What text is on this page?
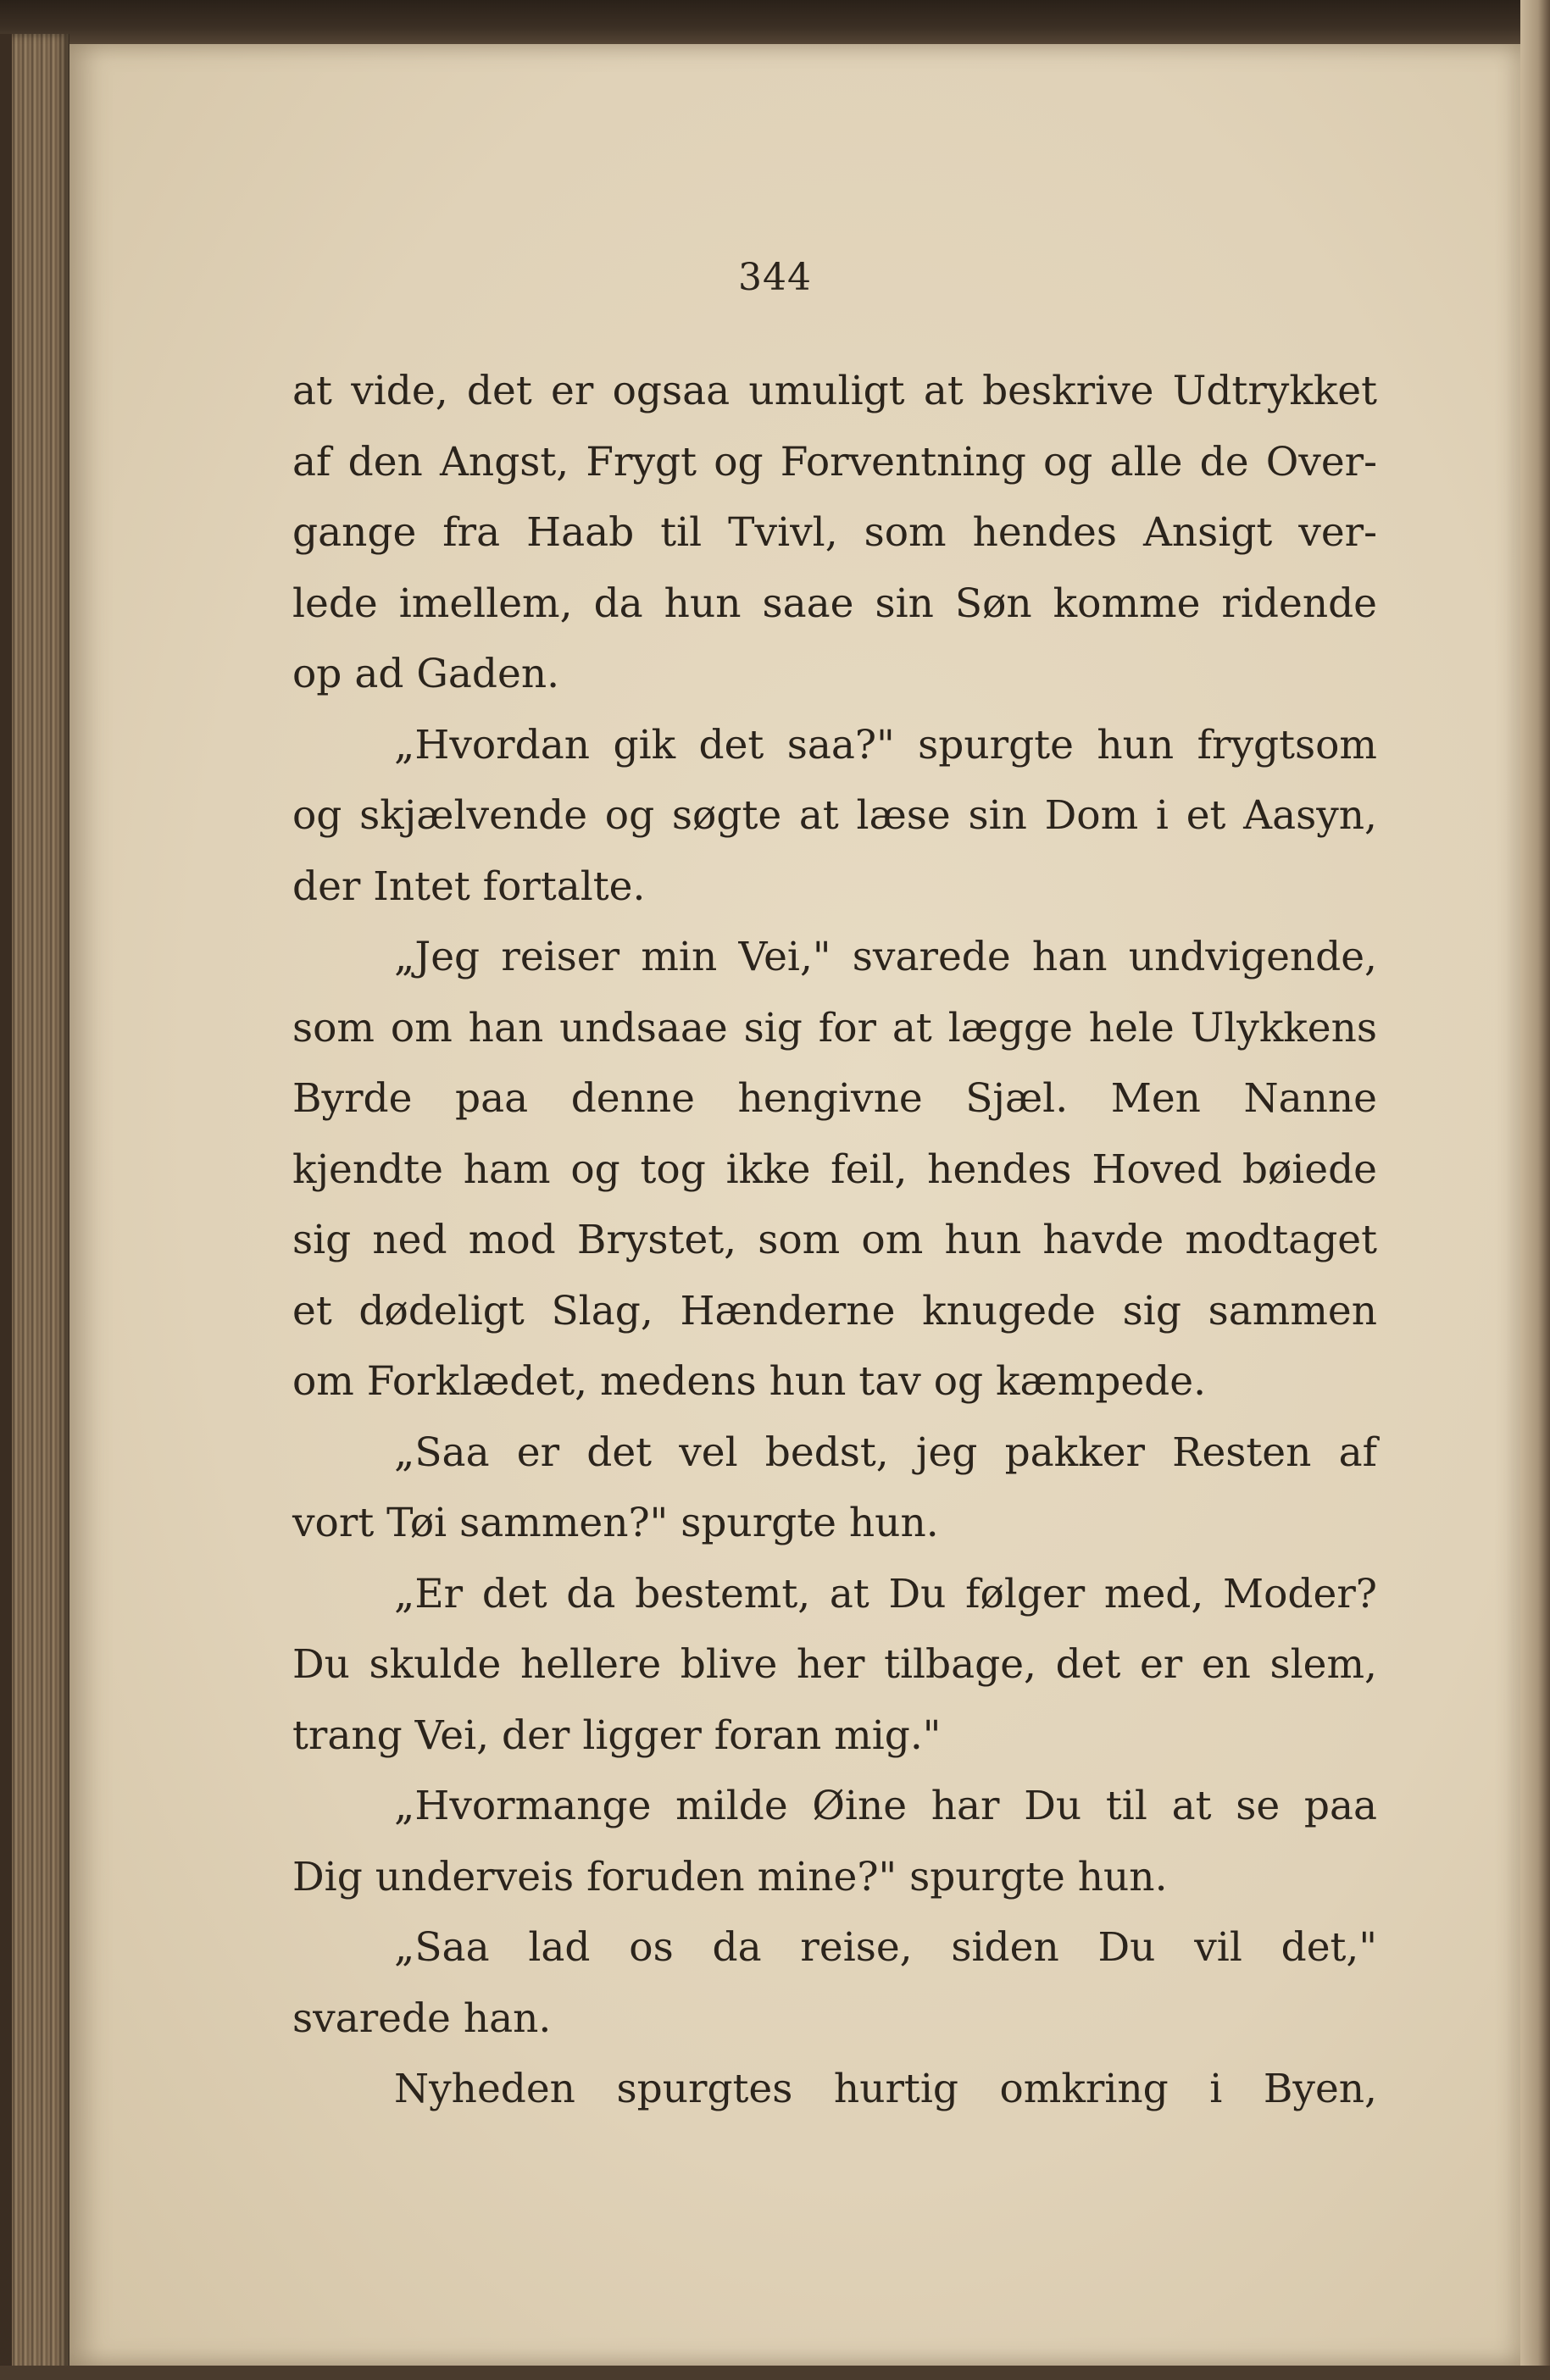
344
at vide, det er ogsaa umuligt at beskrive Udtrykket
af den Angst, Frygt og Forventning og alle de Over-
gange fra Haab til Tvivl, som hendes Ansigt ver-
lede imellem, da hun saae sin Søn komme ridende
op ad Gaden.
„Hvordan gik det saa?" spurgte hun frygtsom
og skjælvende og søgte at læse sin Dom i et Aasyn,
der Intet fortalte.
„Jeg reiser min Vei," svarede han undvigende,
som om han undsaae sig for at lægge hele Ulykkens
Byrde paa denne hengivne Sjæl. Men Nanne
kjendte ham og tog ikke feil, hendes Hoved bøiede
sig ned mod Brystet, som om hun havde modtaget
et dødeligt Slag, Hænderne knugede sig sammen
om Forklædet, medens hun tav og kæmpede.
„Saa er det vel bedst, jeg pakker Resten af
vort Tøi sammen?" spurgte hun.
„Er det da bestemt, at Du følger med, Moder?
Du skulde hellere blive her tilbage, det er en slem,
trang Vei, der ligger foran mig."
„Hvormange milde Øine har Du til at se paa
Dig underveis foruden mine?" spurgte hun.
„Saa lad os da reise, siden Du vil det,"
svarede han.
Nyheden spurgtes hurtig omkring i Byen,
